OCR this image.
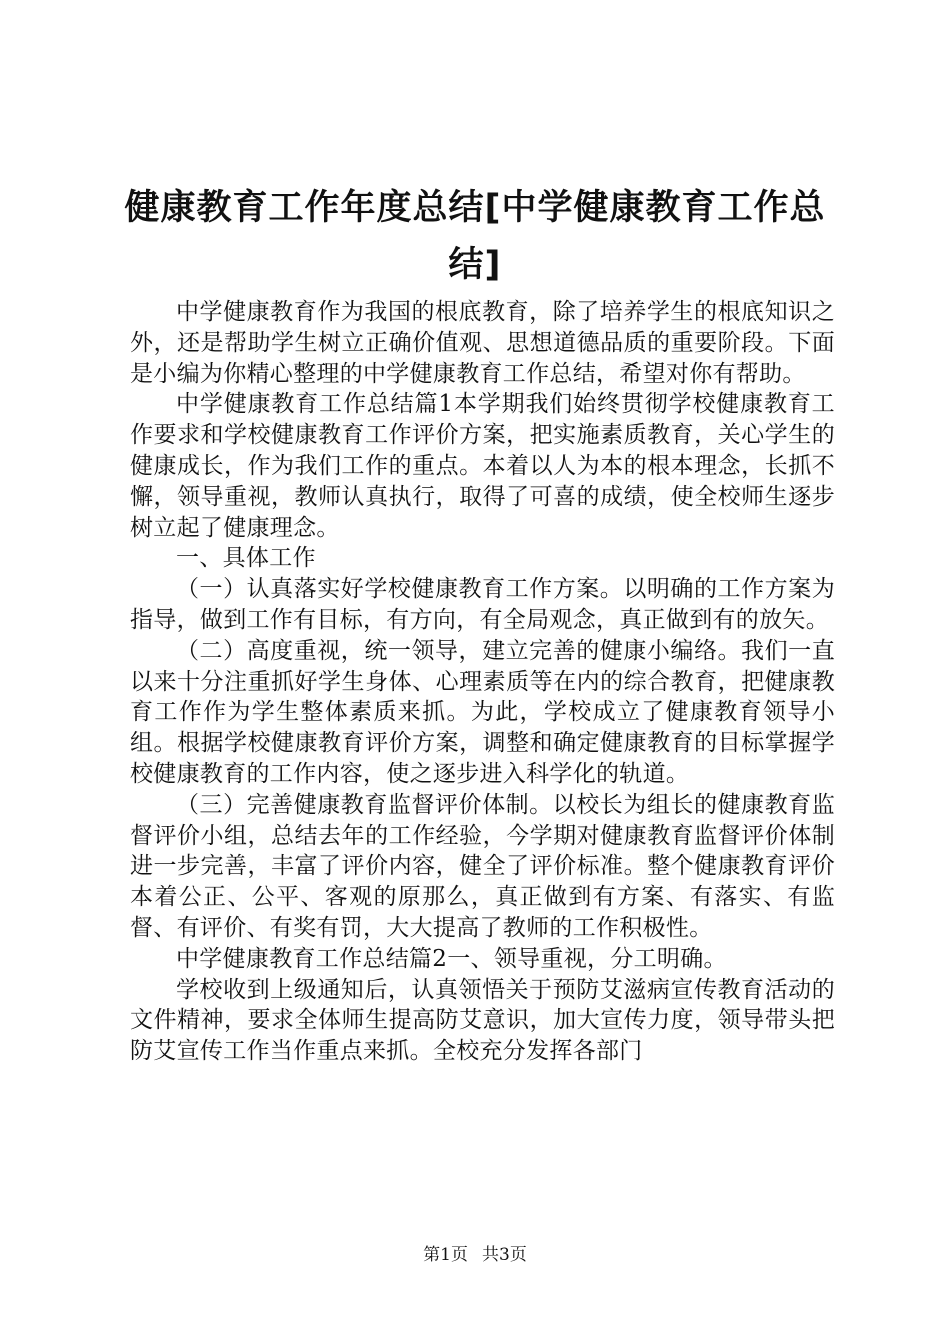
健康教育工作年度总结[中学健康教育工作总结]

中学健康教育作为我国的根底教育，除了培养学生的根底知识之外，还是帮助学生树立正确价值观、思想道德品质的重要阶段。下面是小编为你精心整理的中学健康教育工作总结，希望对你有帮助。

中学健康教育工作总结篇1本学期我们始终贯彻学校健康教育工作要求和学校健康教育工作评价方案，把实施素质教育，关心学生的健康成长，作为我们工作的重点。本着以人为本的根本理念，长抓不懈，领导重视，教师认真执行，取得了可喜的成绩，使全校师生逐步树立起了健康理念。

一、具体工作

（一）认真落实好学校健康教育工作方案。以明确的工作方案为指导，做到工作有目标，有方向，有全局观念，真正做到有的放矢。

（二）高度重视，统一领导，建立完善的健康小编络。我们一直以来十分注重抓好学生身体、心理素质等在内的综合教育，把健康教育工作作为学生整体素质来抓。为此，学校成立了健康教育领导小组。根据学校健康教育评价方案，调整和确定健康教育的目标掌握学校健康教育的工作内容，使之逐步进入科学化的轨道。

（三）完善健康教育监督评价体制。以校长为组长的健康教育监督评价小组，总结去年的工作经验，今学期对健康教育监督评价体制进一步完善，丰富了评价内容，健全了评价标准。整个健康教育评价本着公正、公平、客观的原那么，真正做到有方案、有落实、有监督、有评价、有奖有罚，大大提高了教师的工作积极性。

中学健康教育工作总结篇2一、领导重视，分工明确。

学校收到上级通知后，认真领悟关于预防艾滋病宣传教育活动的文件精神，要求全体师生提高防艾意识，加大宣传力度，领导带头把防艾宣传工作当作重点来抓。全校充分发挥各部门

第1页 共3页
